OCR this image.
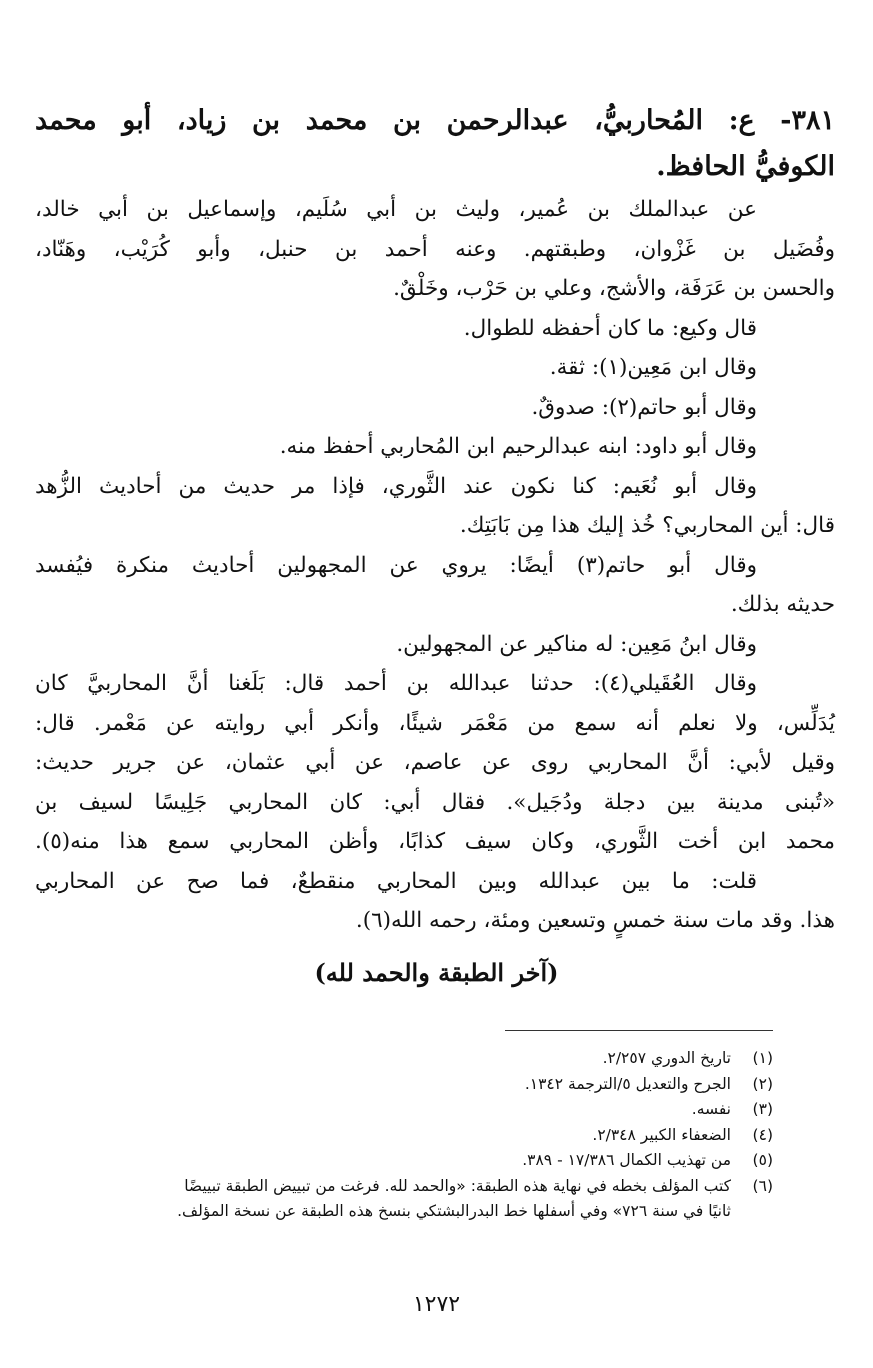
٣٨١- ع: المُحاربيُّ، عبدالرحمن بن محمد بن زياد، أبو محمد
الكوفيُّ الحافظ.
عن عبدالملك بن عُمير، وليث بن أبي سُلَيم، وإسماعيل بن أبي خالد،
وفُضَيل بن غَزْوان، وطبقتهم. وعنه أحمد بن حنبل، وأبو كُرَيْب، وهَنّاد،
والحسن بن عَرَفَة، والأشج، وعلي بن حَرْب، وخَلْقٌ.
قال وكيع: ما كان أحفظه للطوال.
وقال ابن مَعِين(١): ثقة.
وقال أبو حاتم(٢): صدوقٌ.
وقال أبو داود: ابنه عبدالرحيم ابن المُحاربي أحفظ منه.
وقال أبو نُعَيم: كنا نكون عند الثَّوري، فإذا مر حديث من أحاديث الزُّهد
قال: أين المحاربي؟ خُذ إليك هذا مِن بَابَتِك.
وقال أبو حاتم(٣) أيضًا: يروي عن المجهولين أحاديث منكرة فيُفسد
حديثه بذلك.
وقال ابنُ مَعِين: له مناكير عن المجهولين.
وقال العُقَيلي(٤): حدثنا عبدالله بن أحمد قال: بَلَغنا أنَّ المحاربيَّ كان
يُدَلِّس، ولا نعلم أنه سمع من مَعْمَر شيئًا، وأنكر أبي روايته عن مَعْمر. قال:
وقيل لأبي: أنَّ المحاربي روى عن عاصم، عن أبي عثمان، عن جرير حديث:
«تُبنى مدينة بين دجلة ودُجَيل». فقال أبي: كان المحاربي جَلِيسًا لسيف بن
محمد ابن أخت الثَّوري، وكان سيف كذابًا، وأظن المحاربي سمع هذا منه(٥).
قلت: ما بين عبدالله وبين المحاربي منقطعٌ، فما صح عن المحاربي
هذا. وقد مات سنة خمسٍ وتسعين ومئة، رحمه الله(٦).
(آخر الطبقة والحمد لله)
(١)
تاريخ الدوري ٢/٢٥٧.
(٢)
الجرح والتعديل ٥/الترجمة ١٣٤٢.
(٣)
نفسه.
(٤)
الضعفاء الكبير ٢/٣٤٨.
(٥)
من تهذيب الكمال ١٧/٣٨٦ - ٣٨٩.
(٦)
كتب المؤلف بخطه في نهاية هذه الطبقة: «والحمد لله. فرغت من تبييض الطبقة تبييضًا
ثانيًا في سنة ٧٢٦» وفي أسفلها خط البدرالبشتكي بنسخ هذه الطبقة عن نسخة المؤلف.
١٢٧٢
